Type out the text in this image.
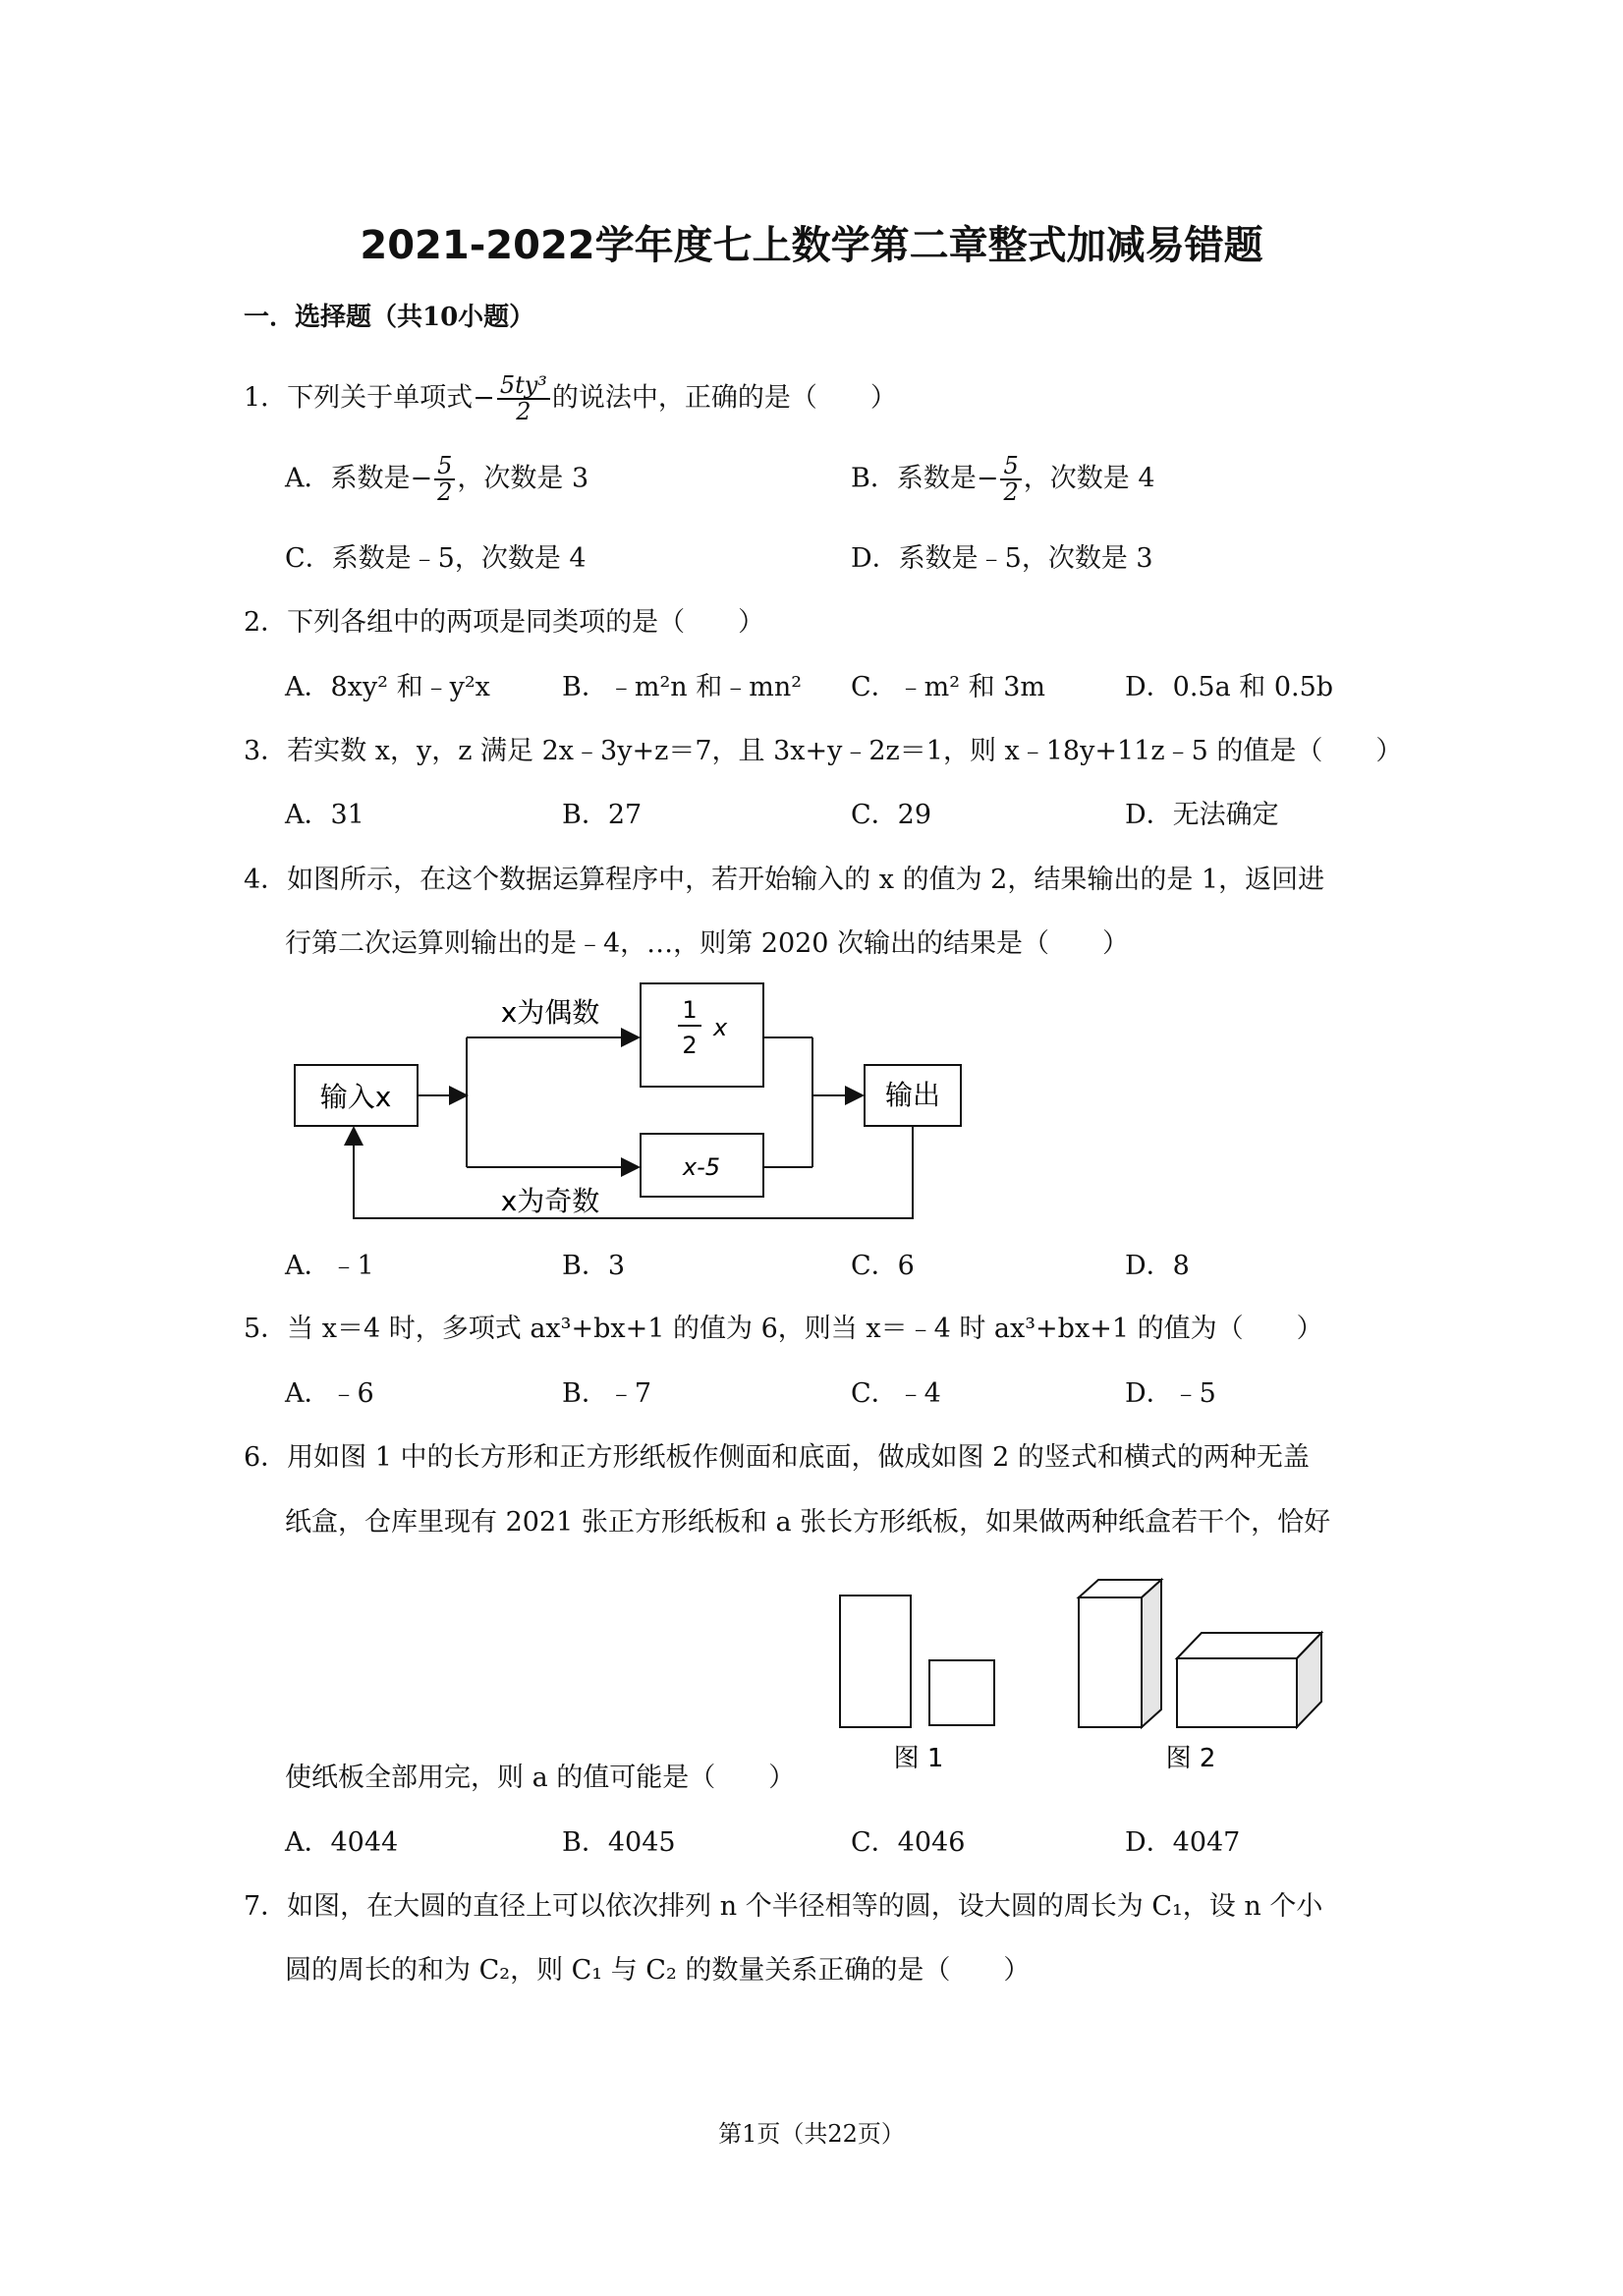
2021-2022学年度七上数学第二章整式加减易错题
一．选择题（共10小题）
1．下列关于单项式− $\frac{\text{5ty³}}{2}$ 的说法中，正确的是（　　）
A．系数是− $\frac{5}{2}$ ，次数是 3	B．系数是− $\frac{5}{2}$ ，次数是 4
C．系数是﹣5，次数是 4	D．系数是﹣5，次数是 3
2．下列各组中的两项是同类项的是（　　）
A．8xy² 和﹣y²x	B．﹣m²n 和﹣mn² C．﹣m² 和 3m	D．0.5a 和 0.5b
3．若实数 x，y，z 满足 2x﹣3y+z＝7，且 3x+y﹣2z＝1，则 x﹣18y+11z﹣5 的值是（　　）
A．31	B．27	C．29	D．无法确定
4．如图所示，在这个数据运算程序中，若开始输入的 x 的值为 2，结果输出的是 1，返回进
行第二次运算则输出的是﹣4，…，则第 2020 次输出的结果是（　　）
输入x
x为偶数
x为奇数
1
2
x
x-5
输出
A．﹣1	B．3	C．6	D．8
5．当 x＝4 时，多项式 ax³+bx+1 的值为 6，则当 x＝﹣4 时 ax³+bx+1 的值为（　　）
A．﹣6	B．﹣7	C．﹣4	D．﹣5
6．用如图 1 中的长方形和正方形纸板作侧面和底面，做成如图 2 的竖式和横式的两种无盖
纸盒，仓库里现有 2021 张正方形纸板和 a 张长方形纸板，如果做两种纸盒若干个，恰好
图 1	图 2
使纸板全部用完，则 a 的值可能是（　　）
A．4044	B．4045	C．4046	D．4047
7．如图，在大圆的直径上可以依次排列 n 个半径相等的圆，设大圆的周长为 C₁，设 n 个小
圆的周长的和为 C₂，则 C₁ 与 C₂ 的数量关系正确的是（　　）
第1页（共22页）
